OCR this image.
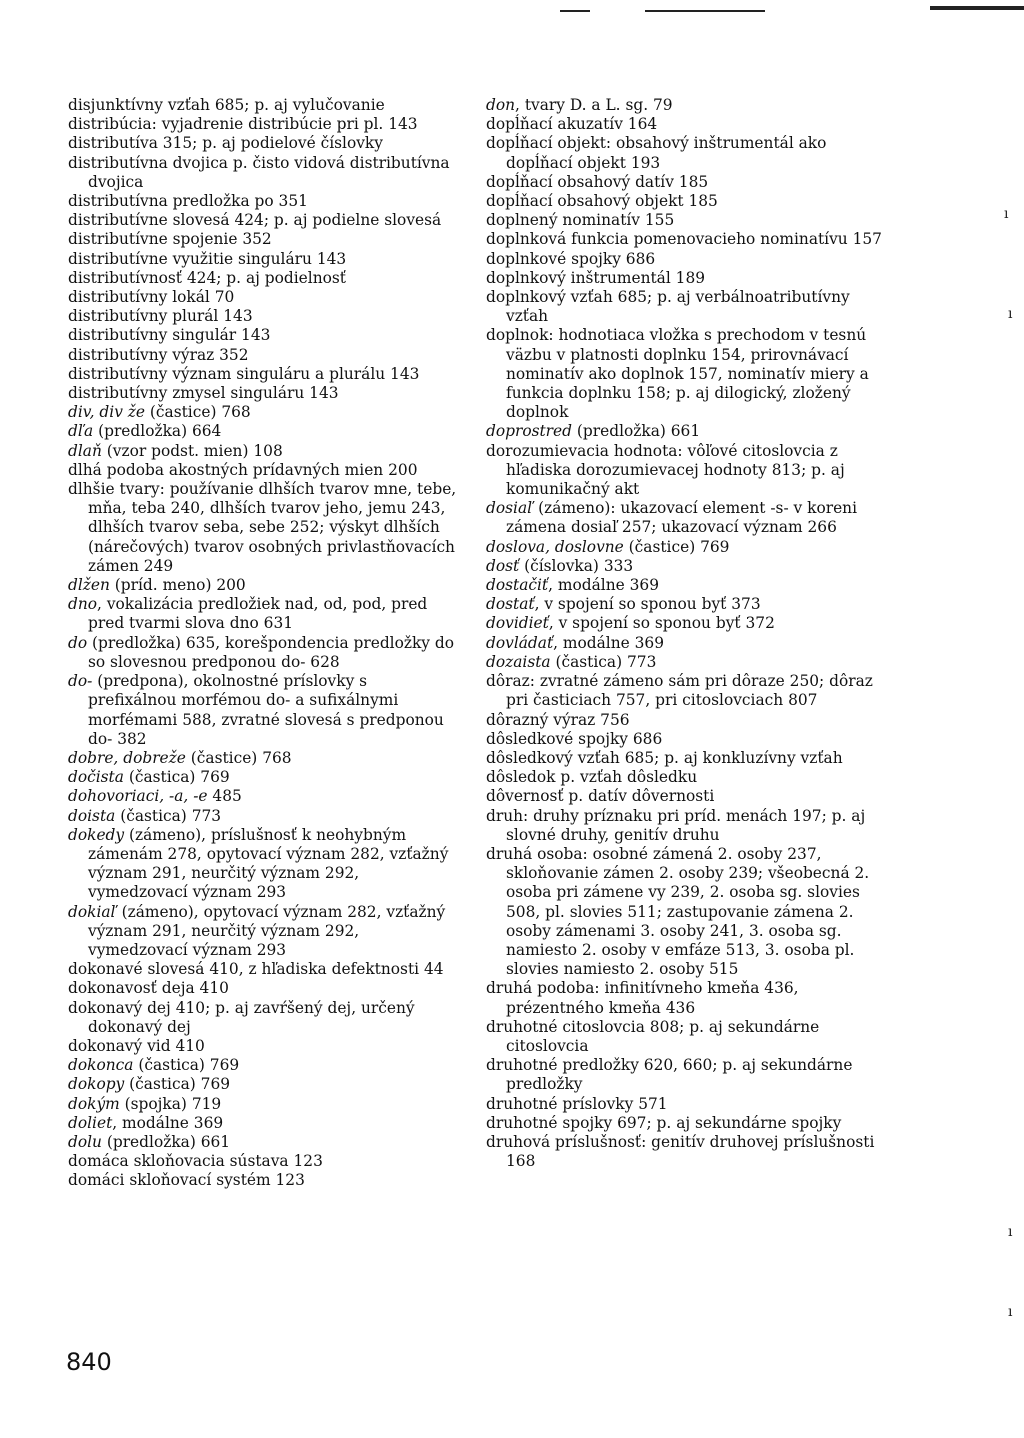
disjunktívny vzťah 685; p. aj vylučovanie

distribúcia: vyjadrenie distribúcie pri pl. 143

distributíva 315; p. aj podielové číslovky

distributívna dvojica p. čisto vidová distributívna dvojica

distributívna predložka po 351

distributívne slovesá 424; p. aj podielne slovesá

distributívne spojenie 352

distributívne využitie singuláru 143

distributívnosť 424; p. aj podielnosť

distributívny lokál 70

distributívny plurál 143

distributívny singulár 143

distributívny výraz 352

distributívny význam singuláru a plurálu 143

distributívny zmysel singuláru 143

div, div že (častice) 768

dľa (predložka) 664

dlaň (vzor podst. mien) 108

dlhá podoba akostných prídavných mien 200

dlhšie tvary: používanie dlhších tvarov mne, tebe, mňa, teba 240, dlhších tvarov jeho, jemu 243, dlhších tvarov seba, sebe 252; výskyt dlhších (nárečových) tvarov osobných privlastňovacích zámen 249

dlžen (príd. meno) 200

dno, vokalizácia predložiek nad, od, pod, pred pred tvarmi slova dno 631

do (predložka) 635, korešpondencia predložky do so slovesnou predponou do- 628

do- (predpona), okolnostné príslovky s prefixálnou morfémou do- a sufixálnymi morfémami 588, zvratné slovesá s predponou do- 382

dobre, dobreže (častice) 768

dočista (častica) 769

dohovoriaci, -a, -e 485

doista (častica) 773

dokedy (zámeno), príslušnosť k neohybným zámenám 278, opytovací význam 282, vzťažný význam 291, neurčitý význam 292, vymedzovací význam 293

dokiaľ (zámeno), opytovací význam 282, vzťažný význam 291, neurčitý význam 292, vymedzovací význam 293

dokonavé slovesá 410, z hľadiska defektnosti 44

dokonavosť deja 410

dokonavý dej 410; p. aj zavŕšený dej, určený dokonavý dej

dokonavý vid 410

dokonca (častica) 769

dokopy (častica) 769

dokým (spojka) 719

doliet, modálne 369

dolu (predložka) 661

domáca skloňovacia sústava 123

domáci skloňovací systém 123

don, tvary D. a L. sg. 79

dopĺňací akuzatív 164

dopĺňací objekt: obsahový inštrumentál ako dopĺňací objekt 193

dopĺňací obsahový datív 185

dopĺňací obsahový objekt 185

doplnený nominatív 155

doplnková funkcia pomenovacieho nominatívu 157

doplnkové spojky 686

doplnkový inštrumentál 189

doplnkový vzťah 685; p. aj verbálnoatributívny vzťah

doplnok: hodnotiaca vložka s prechodom v tesnú väzbu v platnosti doplnku 154, prirovnávací nominatív ako doplnok 157, nominatív miery a funkcia doplnku 158; p. aj dilogický, zložený doplnok

doprostred (predložka) 661

dorozumievacia hodnota: vôľové citoslovcia z hľadiska dorozumievacej hodnoty 813; p. aj komunikačný akt

dosiaľ (zámeno): ukazovací element -s- v koreni zámena dosiaľ 257; ukazovací význam 266

doslova, doslovne (častice) 769

dosť (číslovka) 333

dostačiť, modálne 369

dostať, v spojení so sponou byť 373

dovidieť, v spojení so sponou byť 372

dovládať, modálne 369

dozaista (častica) 773

dôraz: zvratné zámeno sám pri dôraze 250; dôraz pri časticiach 757, pri citoslovciach 807

dôrazný výraz 756

dôsledkové spojky 686

dôsledkový vzťah 685; p. aj konkluzívny vzťah

dôsledok p. vzťah dôsledku

dôvernosť p. datív dôvernosti

druh: druhy príznaku pri príd. menách 197; p. aj slovné druhy, genitív druhu

druhá osoba: osobné zámená 2. osoby 237, skloňovanie zámen 2. osoby 239; všeobecná 2. osoba pri zámene vy 239, 2. osoba sg. slovies 508, pl. slovies 511; zastupovanie zámena 2. osoby zámenami 3. osoby 241, 3. osoba sg. namiesto 2. osoby v emfáze 513, 3. osoba pl. slovies namiesto 2. osoby 515

druhá podoba: infinitívneho kmeňa 436, prézentného kmeňa 436

druhotné citoslovcia 808; p. aj sekundárne citoslovcia

druhotné predložky 620, 660; p. aj sekundárne predložky

druhotné príslovky 571

druhotné spojky 697; p. aj sekundárne spojky

druhová príslušnosť: genitív druhovej príslušnosti 168

840
ı
ı
ı
ı
